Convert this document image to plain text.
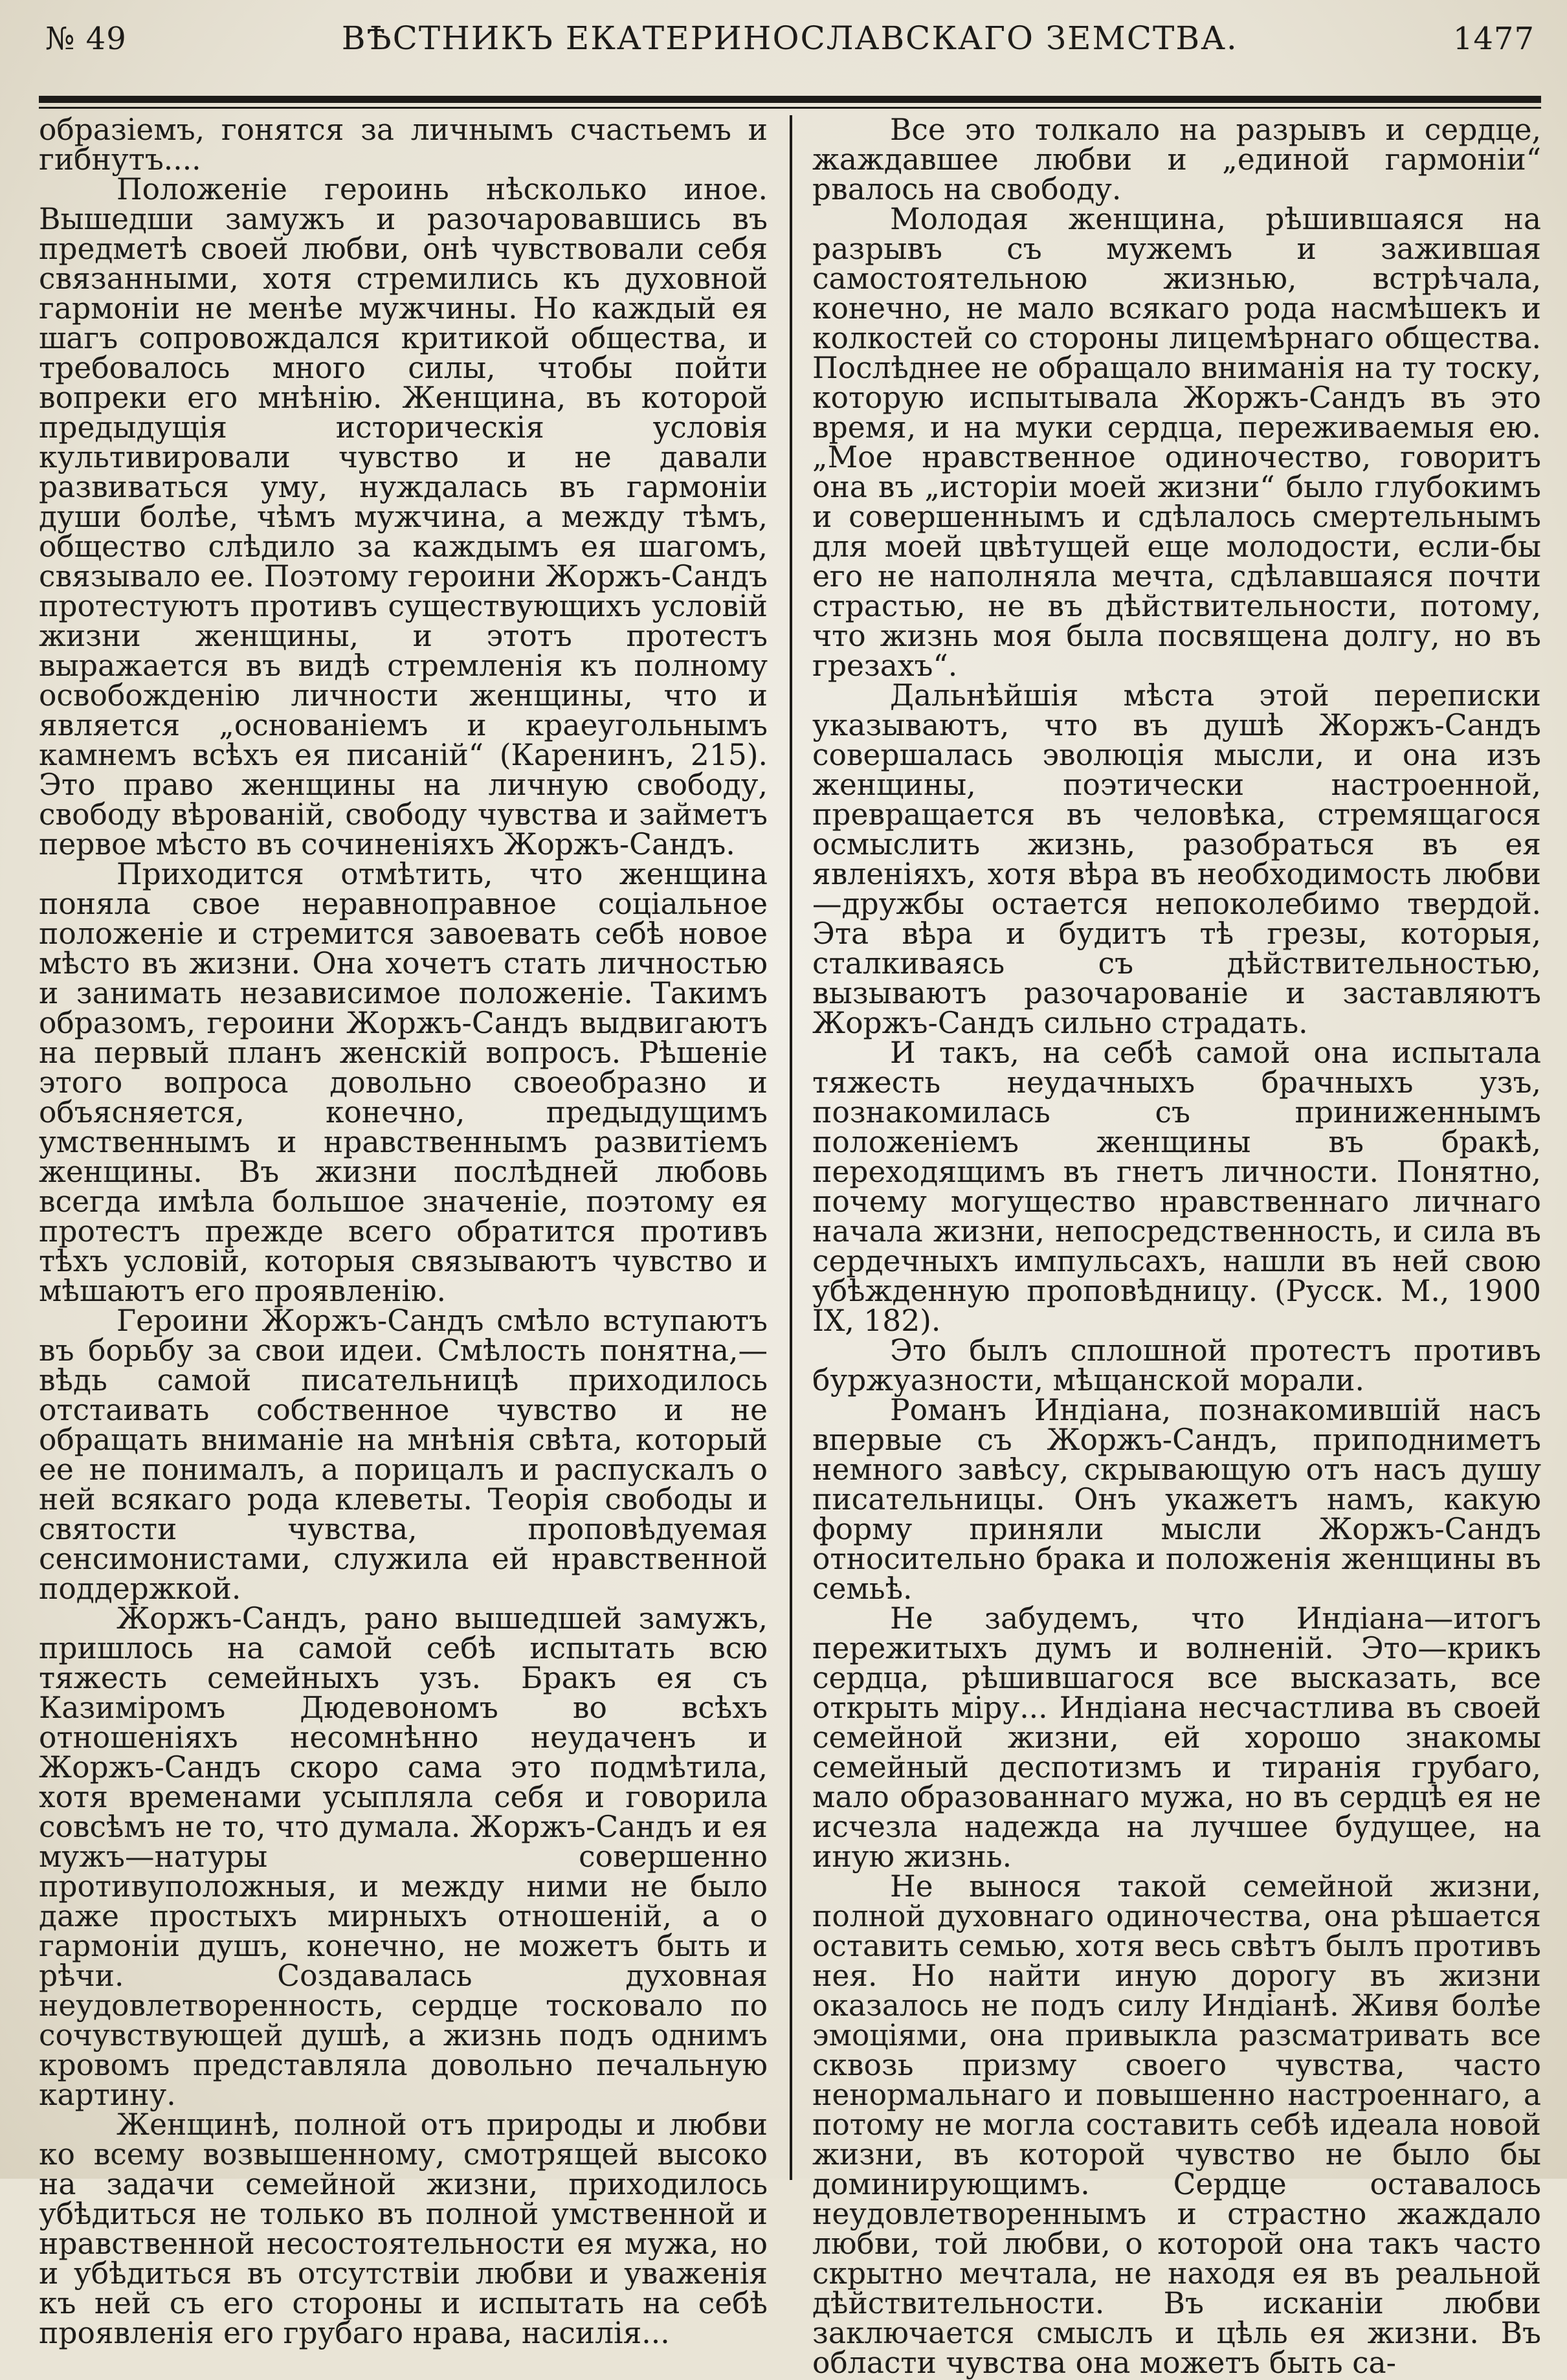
№ 49	ВѢСТНИКЪ ЕКАТЕРИНОСЛАВСКАГО ЗЕМСТВА.	1477

образіемъ, гонятся за личнымъ счастьемъ и гибнутъ....

Положеніе героинь нѣсколько иное. Вышедши замужъ и разочаровавшись въ предметѣ своей любви, онѣ чувствовали себя связанными, хотя стремились къ духовной гармоніи не менѣе мужчины. Но каждый ея шагъ сопровождался критикой общества, и требовалось много силы, чтобы пойти вопреки его мнѣнію. Женщина, въ которой предыдущія историческія условія культивировали чувство и не давали развиваться уму, нуждалась въ гармоніи души болѣе, чѣмъ мужчина, а между тѣмъ, общество слѣдило за каждымъ ея шагомъ, связывало ее. Поэтому героини Жоржъ-Сандъ протестуютъ противъ существующихъ условій жизни женщины, и этотъ протестъ выражается въ видѣ стремленія къ полному освобожденію личности женщины, что и является „основаніемъ и краеугольнымъ камнемъ всѣхъ ея писаній“ (Каренинъ, 215). Это право женщины на личную свободу, свободу вѣрованій, свободу чувства и займетъ первое мѣсто въ сочиненіяхъ Жоржъ-Сандъ.

Приходится отмѣтить, что женщина поняла свое неравноправное соціальное положеніе и стремится завоевать себѣ новое мѣсто въ жизни. Она хочетъ стать личностью и занимать независимое положеніе. Такимъ образомъ, героини Жоржъ-Сандъ выдвигаютъ на первый планъ женскій вопросъ. Рѣшеніе этого вопроса довольно своеобразно и объясняется, конечно, предыдущимъ умственнымъ и нравственнымъ развитіемъ женщины. Въ жизни послѣдней любовь всегда имѣла большое значеніе, поэтому ея протестъ прежде всего обратится противъ тѣхъ условій, которыя связываютъ чувство и мѣшаютъ его проявленію.

Героини Жоржъ-Сандъ смѣло вступаютъ въ борьбу за свои идеи. Смѣлость понятна,—вѣдь самой писательницѣ приходилось отстаивать собственное чувство и не обращать вниманіе на мнѣнія свѣта, который ее не понималъ, а порицалъ и распускалъ о ней всякаго рода клеветы. Теорія свободы и святости чувства, проповѣдуемая сенсимонистами, служила ей нравственной поддержкой.

Жоржъ-Сандъ, рано вышедшей замужъ, пришлось на самой себѣ испытать всю тяжесть семейныхъ узъ. Бракъ ея съ Казиміромъ Дюдевономъ во всѣхъ отношеніяхъ несомнѣнно неудаченъ и Жоржъ-Сандъ скоро сама это подмѣтила, хотя временами усыпляла себя и говорила совсѣмъ не то, что думала. Жоржъ-Сандъ и ея мужъ—натуры совершенно противуположныя, и между ними не было даже простыхъ мирныхъ отношеній, а о гармоніи душъ, конечно, не можетъ быть и рѣчи. Создавалась духовная неудовлетворенность, сердце тосковало по сочувствующей душѣ, а жизнь подъ однимъ кровомъ представляла довольно печальную картину.

Женщинѣ, полной отъ природы и любви ко всему возвышенному, смотрящей высоко на задачи семейной жизни, приходилось убѣдиться не только въ полной умственной и нравственной несостоятельности ея мужа, но и убѣдиться въ отсутствіи любви и уваженія къ ней съ его стороны и испытать на себѣ проявленія его грубаго нрава, насилія...

Все это толкало на разрывъ и сердце, жаждавшее любви и „единой гармоніи“ рвалось на свободу.

Молодая женщина, рѣшившаяся на разрывъ съ мужемъ и зажившая самостоятельною жизнью, встрѣчала, конечно, не мало всякаго рода насмѣшекъ и колкостей со стороны лицемѣрнаго общества. Послѣднее не обращало вниманія на ту тоску, которую испытывала Жоржъ-Сандъ въ это время, и на муки сердца, переживаемыя ею. „Мое нравственное одиночество, говоритъ она въ „исторіи моей жизни“ было глубокимъ и совершеннымъ и сдѣлалось смертельнымъ для моей цвѣтущей еще молодости, если-бы его не наполняла мечта, сдѣлавшаяся почти страстью, не въ дѣйствительности, потому, что жизнь моя была посвящена долгу, но въ грезахъ“.

Дальнѣйшія мѣста этой переписки указываютъ, что въ душѣ Жоржъ-Сандъ совершалась эволюція мысли, и она изъ женщины, поэтически настроенной, превращается въ человѣка, стремящагося осмыслить жизнь, разобраться въ ея явленіяхъ, хотя вѣра въ необходимость любви—дружбы остается непоколебимо твердой. Эта вѣра и будитъ тѣ грезы, которыя, сталкиваясь съ дѣйствительностью, вызываютъ разочарованіе и заставляютъ Жоржъ-Сандъ сильно страдать.

И такъ, на себѣ самой она испытала тяжесть неудачныхъ брачныхъ узъ, познакомилась съ приниженнымъ положеніемъ женщины въ бракѣ, переходящимъ въ гнетъ личности. Понятно, почему могущество нравственнаго личнаго начала жизни, непосредственность, и сила въ сердечныхъ импульсахъ, нашли въ ней свою убѣжденную проповѣдницу. (Русск. М., 1900 IX, 182).

Это былъ сплошной протестъ противъ буржуазности, мѣщанской морали.

Романъ Индіана, познакомившій насъ впервые съ Жоржъ-Сандъ, приподниметъ немного завѣсу, скрывающую отъ насъ душу писательницы. Онъ укажетъ намъ, какую форму приняли мысли Жоржъ-Сандъ относительно брака и положенія женщины въ семьѣ.

Не забудемъ, что Индіана—итогъ пережитыхъ думъ и волненій. Это—крикъ сердца, рѣшившагося все высказать, все открыть міру... Индіана несчастлива въ своей семейной жизни, ей хорошо знакомы семейный деспотизмъ и тиранія грубаго, мало образованнаго мужа, но въ сердцѣ ея не исчезла надежда на лучшее будущее, на иную жизнь.

Не вынося такой семейной жизни, полной духовнаго одиночества, она рѣшается оставить семью, хотя весь свѣтъ былъ противъ нея. Но найти иную дорогу въ жизни оказалось не подъ силу Индіанѣ. Живя болѣе эмоціями, она привыкла разсматривать все сквозь призму своего чувства, часто ненормальнаго и повышенно настроеннаго, а потому не могла составить себѣ идеала новой жизни, въ которой чувство не было бы доминирующимъ. Сердце оставалось неудовлетвореннымъ и страстно жаждало любви, той любви, о которой она такъ часто скрытно мечтала, не находя ея въ реальной дѣйствительности. Въ исканіи любви заключается смыслъ и цѣль ея жизни. Въ области чувства она можетъ быть са-
